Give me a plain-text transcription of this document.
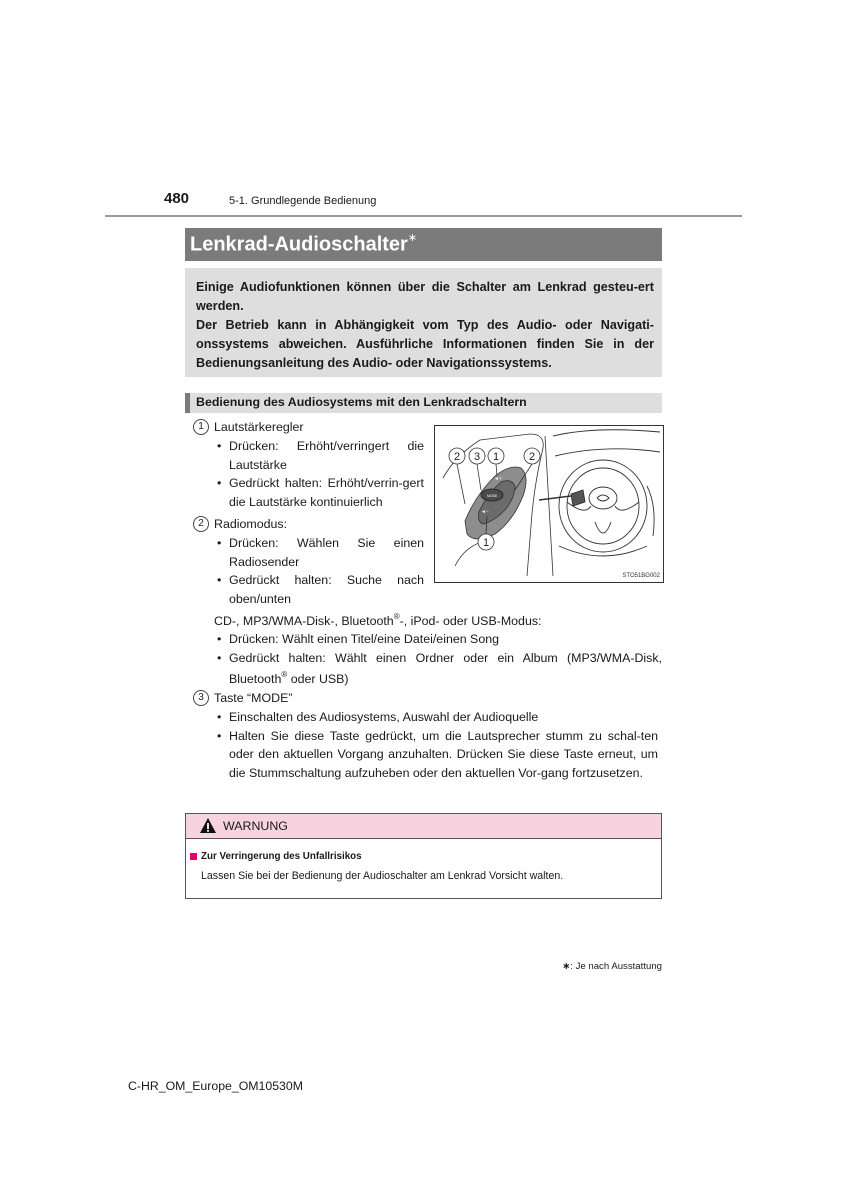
480	5-1. Grundlegende Bedienung
Lenkrad-Audioschalter∗

Einige Audiofunktionen können über die Schalter am Lenkrad gesteu-ert werden.

Der Betrieb kann in Abhängigkeit vom Typ des Audio- oder Navigati-onssystems abweichen. Ausführliche Informationen finden Sie in der Bedienungsanleitung des Audio- oder Navigationssystems.

Bedienung des Audiosystems mit den Lenkradschaltern
1 Lautstärkeregler
• Drücken: Erhöht/verringert die Lautstärke
• Gedrückt halten: Erhöht/verrin-gert die Lautstärke kontinuierlich
2 Radiomodus:
• Drücken: Wählen Sie einen Radiosender
• Gedrückt halten: Suche nach oben/unten
CD-, MP3/WMA-Disk-, Bluetooth®-, iPod- oder USB-Modus:
• Drücken: Wählt einen Titel/eine Datei/einen Song
• Gedrückt halten: Wählt einen Ordner oder ein Album (MP3/WMA-Disk, Bluetooth® oder USB)
3 Taste “MODE”
• Einschalten des Audiosystems, Auswahl der Audioquelle
• Halten Sie diese Taste gedrückt, um die Lautsprecher stumm zu schal-ten oder den aktuellen Vorgang anzuhalten. Drücken Sie diese Taste erneut, um die Stummschaltung aufzuheben oder den aktuellen Vor-gang fortzusetzen.
MODE
◄+
◄−
2 3 1	2
1
STO51BG002
WARNUNG
Zur Verringerung des Unfallrisikos
Lassen Sie bei der Bedienung der Audioschalter am Lenkrad Vorsicht walten.
∗: Je nach Ausstattung
C-HR_OM_Europe_OM10530M
